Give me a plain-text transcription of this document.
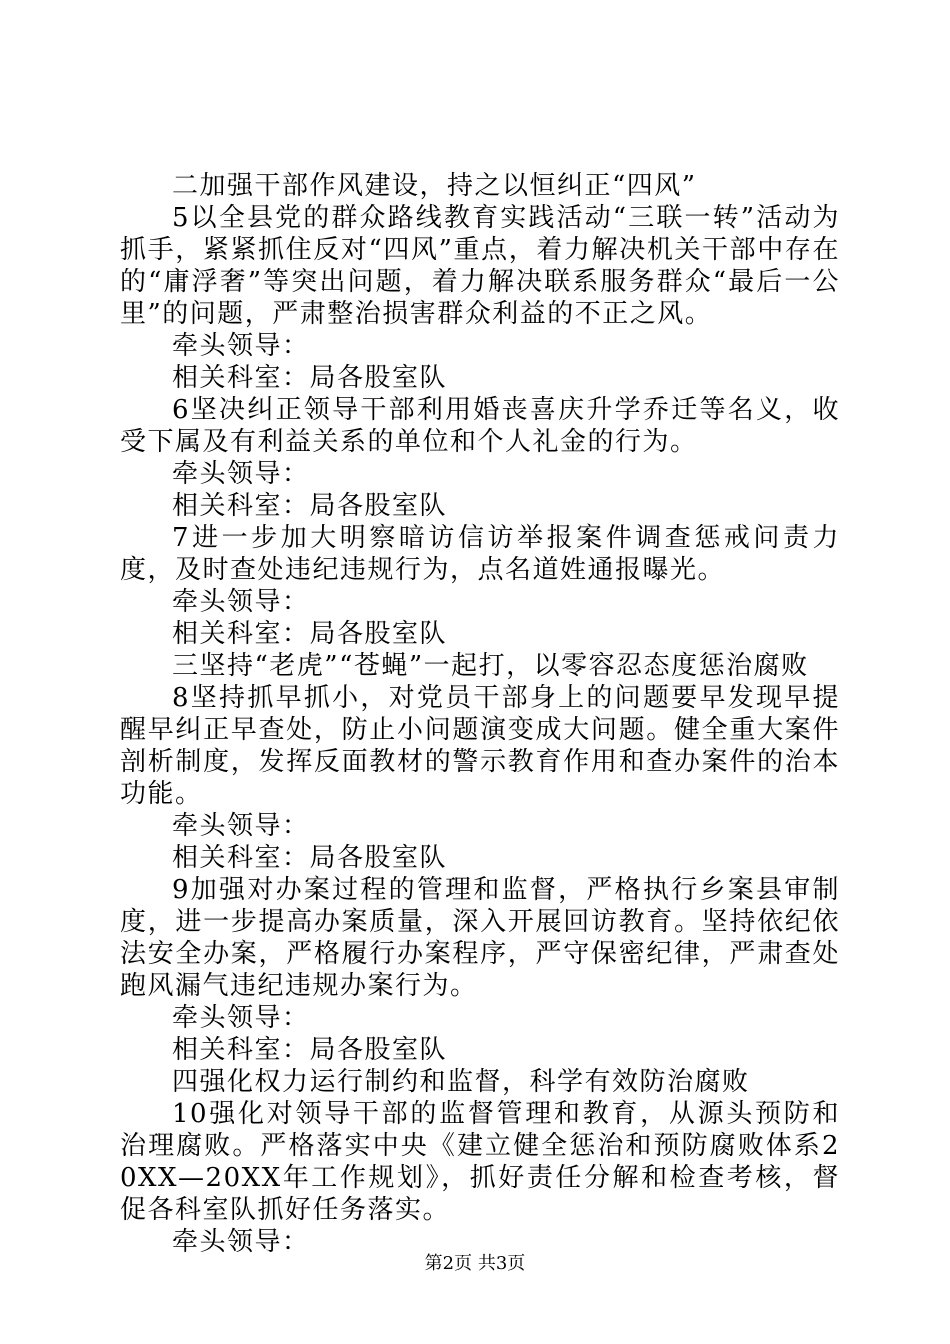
二加强干部作风建设，持之以恒纠正“四风”

5以全县党的群众路线教育实践活动“三联一转”活动为抓手，紧紧抓住反对“四风”重点，着力解决机关干部中存在的“庸浮奢”等突出问题，着力解决联系服务群众“最后一公里”的问题，严肃整治损害群众利益的不正之风。

牵头领导：

相关科室：局各股室队

6坚决纠正领导干部利用婚丧喜庆升学乔迁等名义，收受下属及有利益关系的单位和个人礼金的行为。

牵头领导：

相关科室：局各股室队

7进一步加大明察暗访信访举报案件调查惩戒问责力度，及时查处违纪违规行为，点名道姓通报曝光。

牵头领导：

相关科室：局各股室队

三坚持“老虎”“苍蝇”一起打，以零容忍态度惩治腐败

8坚持抓早抓小，对党员干部身上的问题要早发现早提醒早纠正早查处，防止小问题演变成大问题。健全重大案件剖析制度，发挥反面教材的警示教育作用和查办案件的治本功能。

牵头领导：

相关科室：局各股室队

9加强对办案过程的管理和监督，严格执行乡案县审制度，进一步提高办案质量，深入开展回访教育。坚持依纪依法安全办案，严格履行办案程序，严守保密纪律，严肃查处跑风漏气违纪违规办案行为。

牵头领导：

相关科室：局各股室队

四强化权力运行制约和监督，科学有效防治腐败

10强化对领导干部的监督管理和教育，从源头预防和治理腐败。严格落实中央《建立健全惩治和预防腐败体系20XX—20XX年工作规划》，抓好责任分解和检查考核，督促各科室队抓好任务落实。

牵头领导：

第2页 共3页
